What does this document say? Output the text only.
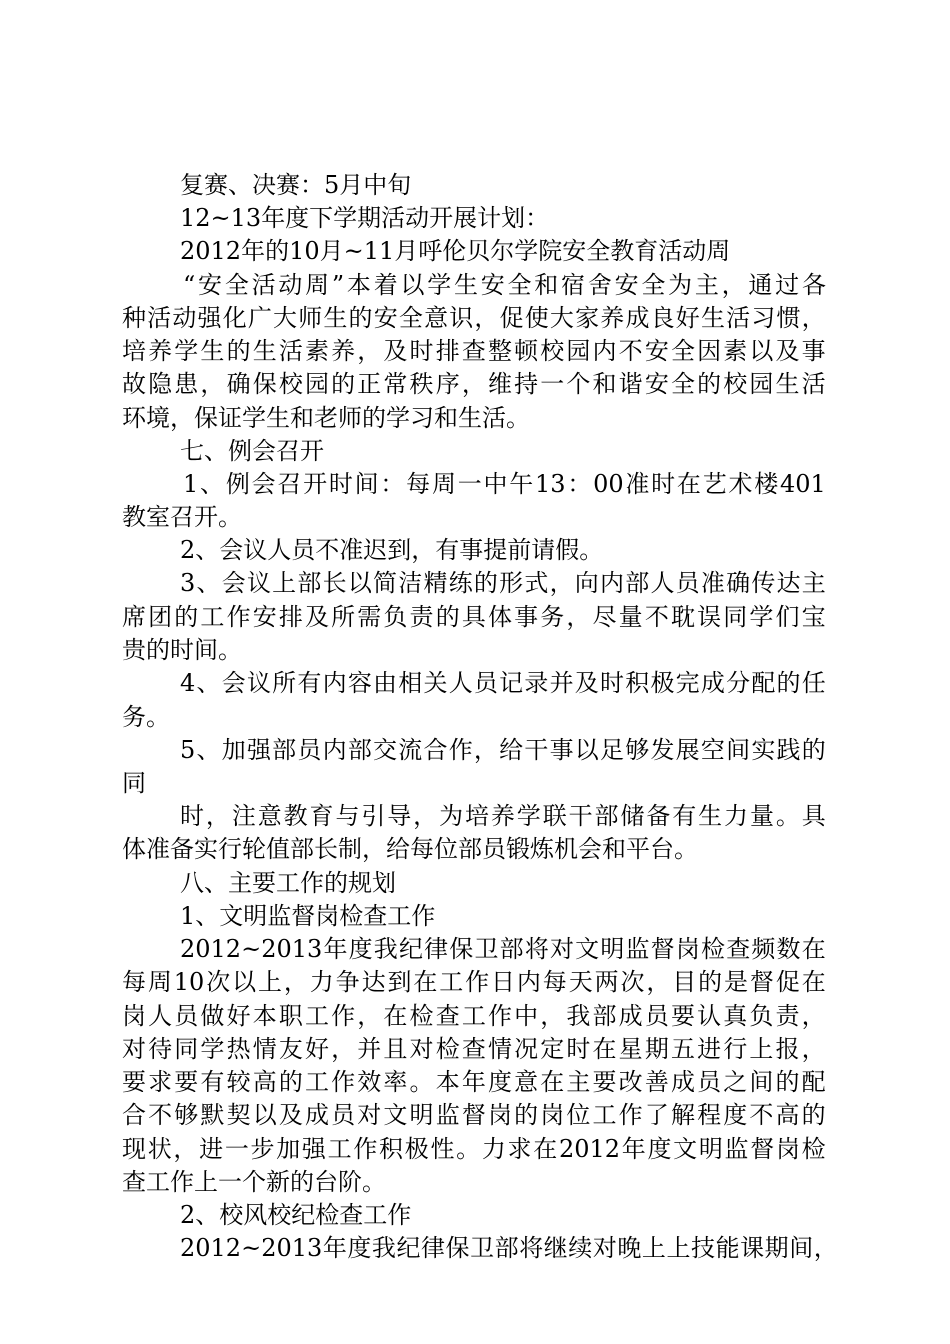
复赛、决赛：5月中旬
12~13年度下学期活动开展计划：
2012年的10月~11月呼伦贝尔学院安全教育活动周
“ 安 全 活 动 周 ” 本 着 以 学 生 安 全 和 宿 舍 安 全 为 主 ， 通 过 各
种 活 动 强 化 广 大 师 生 的 安 全 意 识 ， 促 使 大 家 养 成 良 好 生 活 习 惯 ，
培 养 学 生 的 生 活 素 养 ， 及 时 排 查 整 顿 校 园 内 不 安 全 因 素 以 及 事
故 隐 患 ， 确 保 校 园 的 正 常 秩 序 ， 维 持 一 个 和 谐 安 全 的 校 园 生 活
环境，保证学生和老师的学习和生活。
七、例会召开
1 、 例 会 召 开 时 间 ： 每 周 一 中 午 13 ： 00 准 时 在 艺 术 楼 401
教室召开。
2、会议人员不准迟到，有事提前请假。
3 、 会 议 上 部 长 以 简 洁 精 练 的 形 式 ， 向 内 部 人 员 准 确 传 达 主
席 团 的 工 作 安 排 及 所 需 负 责 的 具 体 事 务 ， 尽 量 不 耽 误 同 学 们 宝
贵的时间。
4 、 会 议 所 有 内 容 由 相 关 人 员 记 录 并 及 时 积 极 完 成 分 配 的 任
务。
5 、 加 强 部 员 内 部 交 流 合 作 ， 给 干 事 以 足 够 发 展 空 间 实 践 的
同
时 ， 注 意 教 育 与 引 导 ， 为 培 养 学 联 干 部 储 备 有 生 力 量 。 具
体准备实行轮值部长制，给每位部员锻炼机会和平台。
八、主要工作的规划
1、文明监督岗检查工作
2012~2013 年 度 我 纪 律 保 卫 部 将 对 文 明 监 督 岗 检 查 频 数 在
每 周 10 次 以 上 ， 力 争 达 到 在 工 作 日 内 每 天 两 次 ， 目 的 是 督 促 在
岗 人 员 做 好 本 职 工 作 ， 在 检 查 工 作 中 ， 我 部 成 员 要 认 真 负 责 ，
对 待 同 学 热 情 友 好 ， 并 且 对 检 查 情 况 定 时 在 星 期 五 进 行 上 报 ，
要 求 要 有 较 高 的 工 作 效 率 。 本 年 度 意 在 主 要 改 善 成 员 之 间 的 配
合 不 够 默 契 以 及 成 员 对 文 明 监 督 岗 的 岗 位 工 作 了 解 程 度 不 高 的
现 状 ， 进 一 步 加 强 工 作 积 极 性 。 力 求 在 2012 年 度 文 明 监 督 岗 检
查工作上一个新的台阶。
2、校风校纪检查工作
2012~2013 年 度 我 纪 律 保 卫 部 将 继 续 对 晚 上 上 技 能 课 期 间 ，
